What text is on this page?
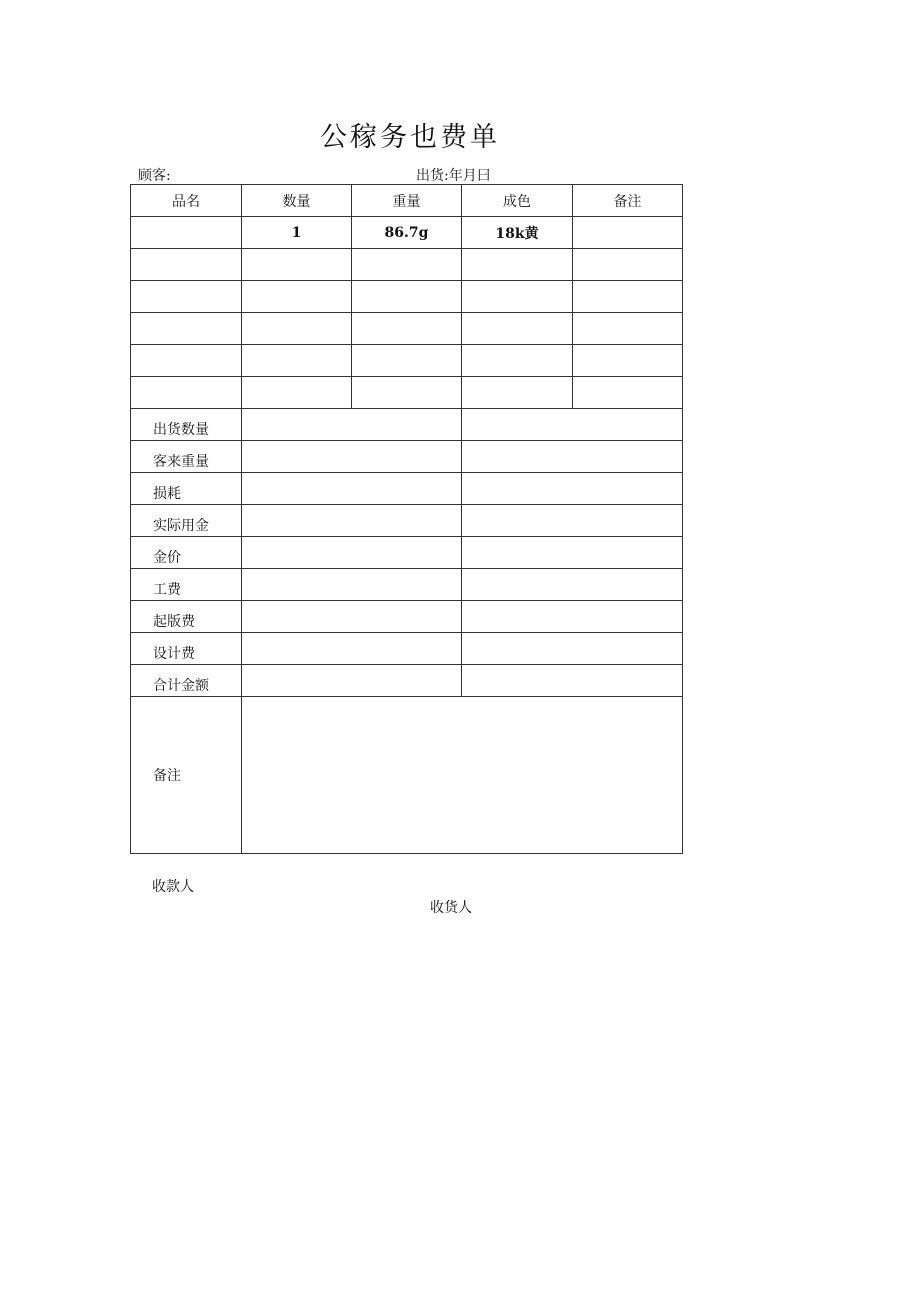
公稼务也费单
顾客:	出货:年月曰
品名	数量	重量	成色	备注
	1	86.7g	18k黄	

出货数量				
客来重量				
损耗				
实际用金				
金价				
工费				
起版费				
设计费				
合计金额				
备注				
收款人
收货人
